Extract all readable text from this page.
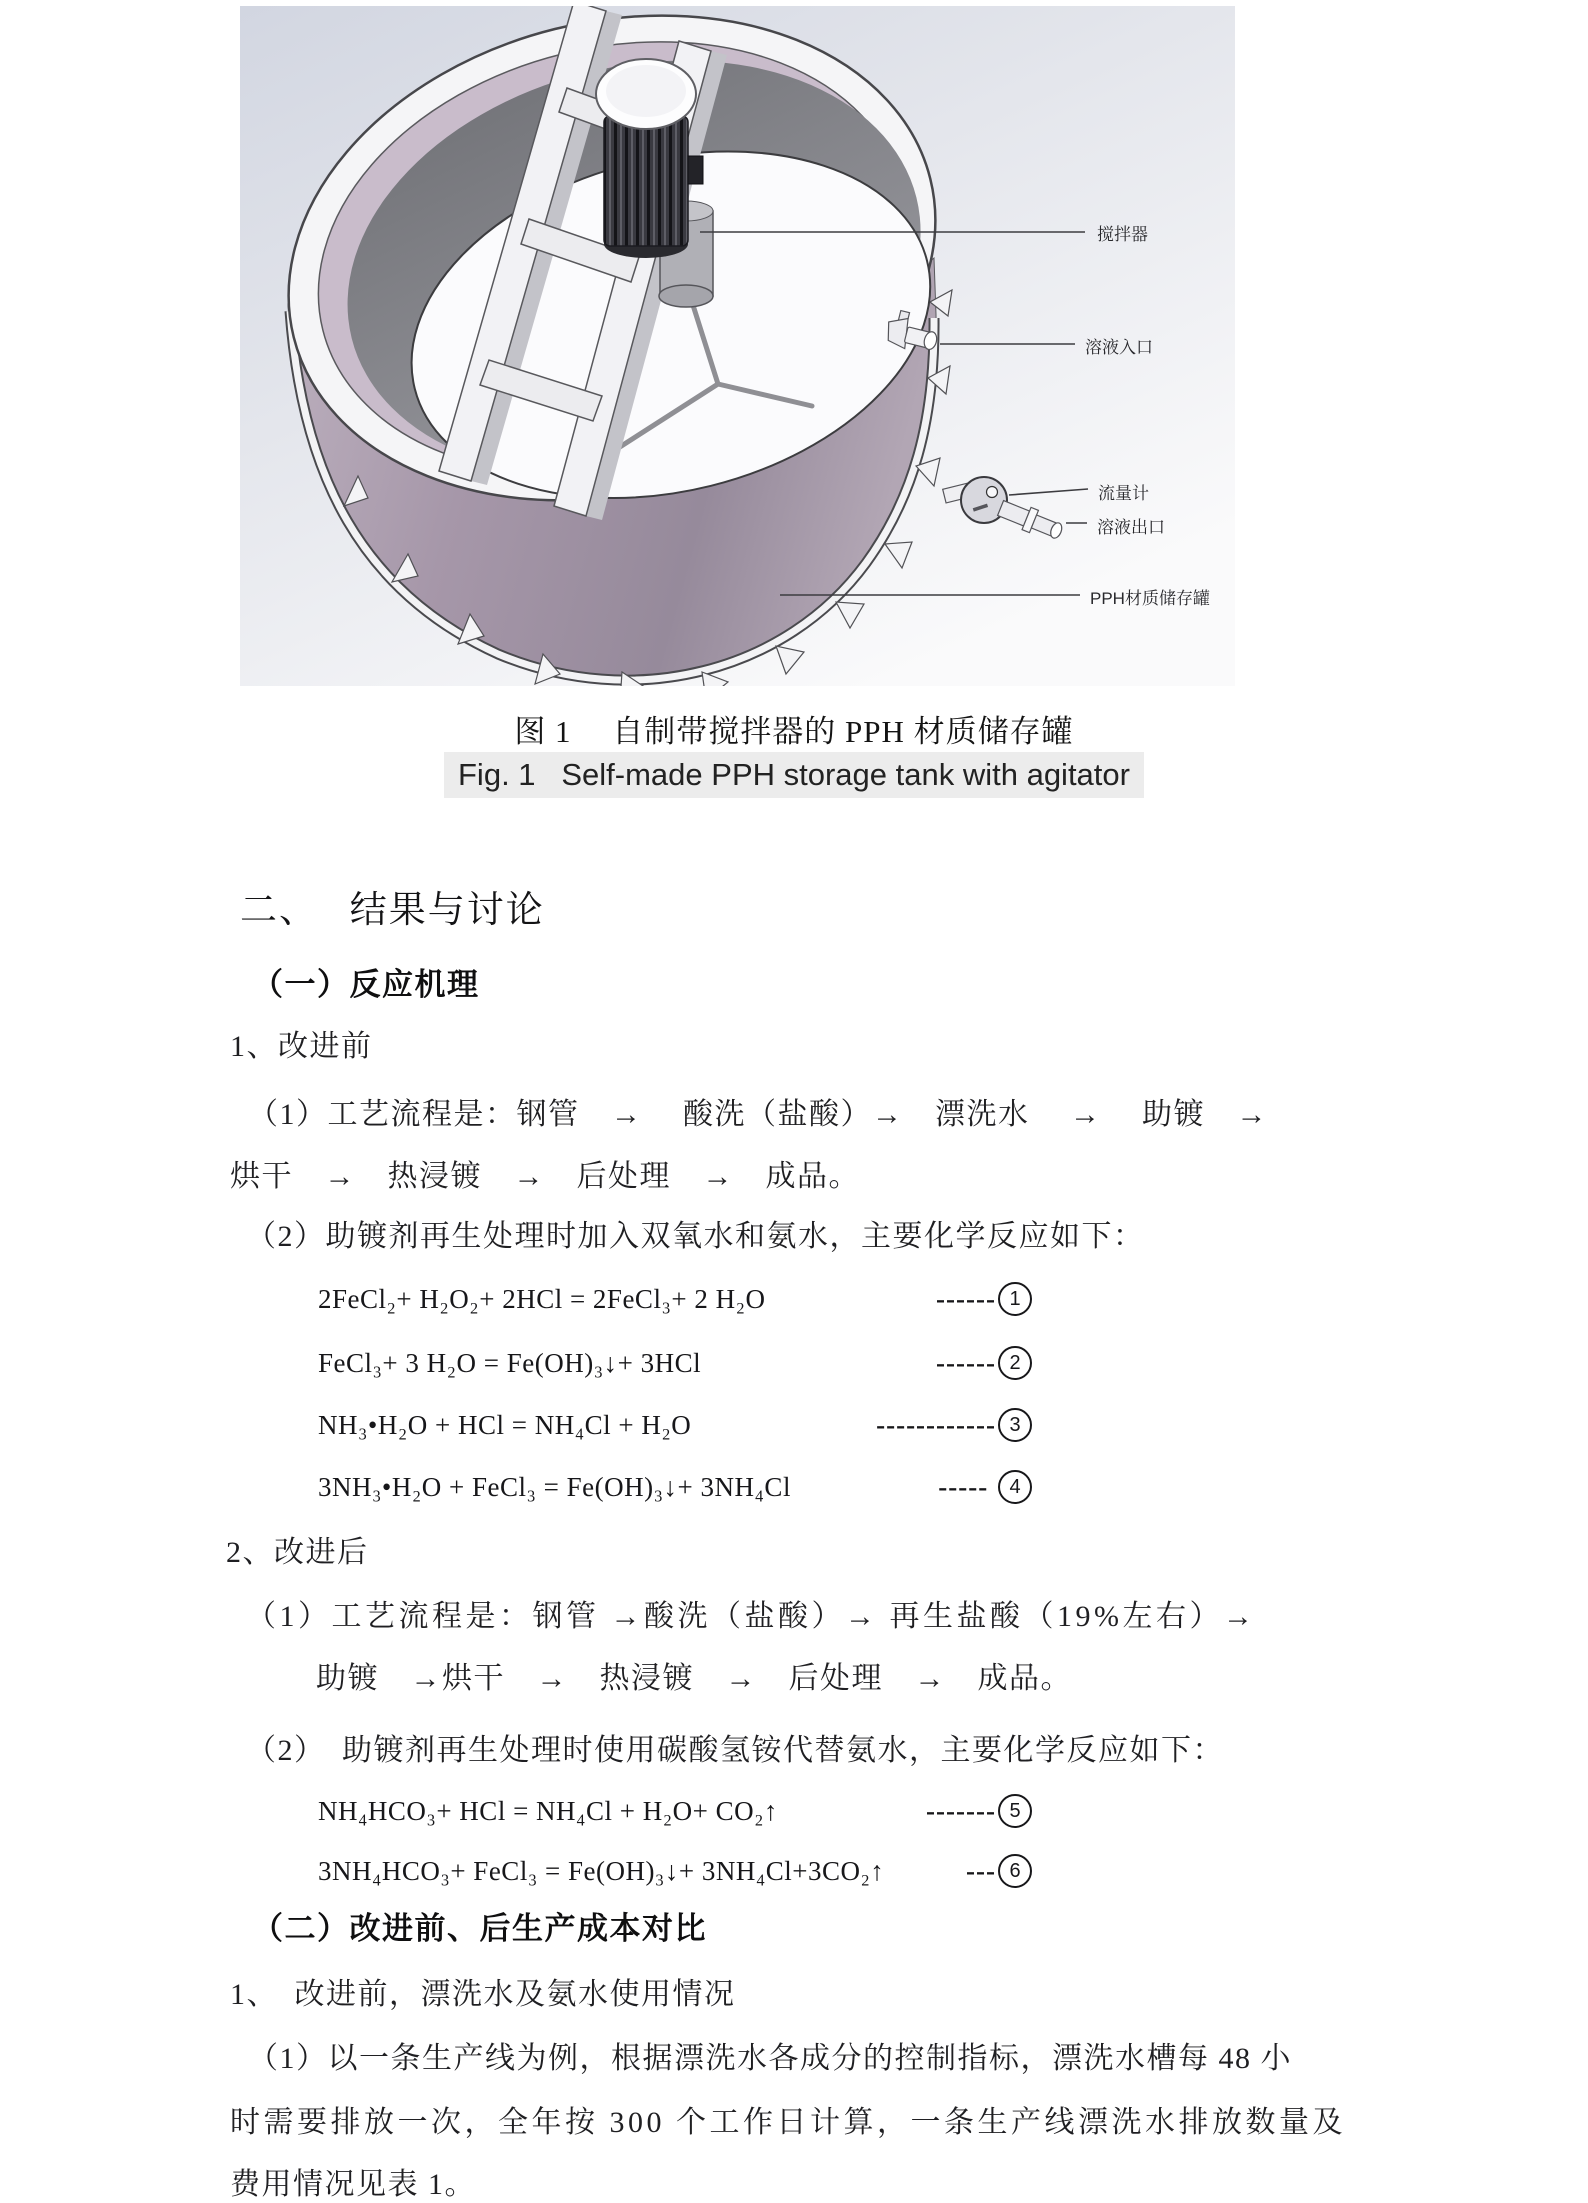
搅拌器
溶液入口
流量计
溶液出口
PPH材质储存罐
图 1　 自制带搅拌器的 PPH 材质储存罐
Fig. 1   Self-made PPH storage tank with agitator
二、　 结果与讨论
（一）反应机理
1、改进前
（1）工艺流程是：钢管　→ 　酸洗（盐酸）→　漂洗水　 →　 助镀　→
烘干　→　热浸镀　→　后处理　→　成品。
（2）助镀剂再生处理时加入双氧水和氨水，主要化学反应如下：
2FeCl₂+ H₂O₂+ 2HCl = 2FeCl₃+ 2 H₂O	------ 1
FeCl₃+ 3 H₂O = Fe(OH)₃↓+ 3HCl	------ 2
NH₃•H₂O + HCl = NH₄Cl + H₂O	------------ 3
3NH₃•H₂O + FeCl₃ = Fe(OH)₃↓+ 3NH₄Cl	----- 4
2、改进后
（1）工艺流程是：钢管 →酸洗（盐酸）→ 再生盐酸（19%左右）→
助镀　→烘干　→　热浸镀　→　后处理　→　成品。
（2）　助镀剂再生处理时使用碳酸氢铵代替氨水，主要化学反应如下：
NH₄HCO₃+ HCl = NH₄Cl + H₂O+ CO₂↑	------- 5
3NH₄HCO₃+ FeCl₃ = Fe(OH)₃↓+ 3NH₄Cl+3CO₂↑	--- 6
（二）改进前、后生产成本对比
1、　改进前，漂洗水及氨水使用情况
（1）以一条生产线为例，根据漂洗水各成分的控制指标，漂洗水槽每 48 小
时需要排放一次，全年按 300 个工作日计算，一条生产线漂洗水排放数量及
费用情况见表 1。
